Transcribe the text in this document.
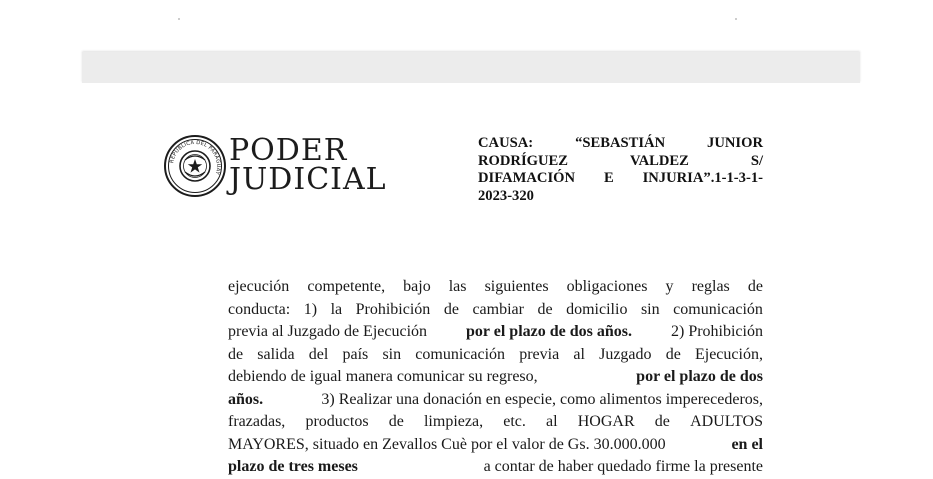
REPÚBLICA DEL PARAGUAY
PODER
JUDICIAL
CAUSA:	“SEBASTIÁN	JUNIOR
RODRÍGUEZ	VALDEZ	S/
DIFAMACIÓN E INJURIA”.1-1-3-1-
2023-320
ejecución competente, bajo las siguientes obligaciones y reglas de
conducta: 1) la Prohibición de cambiar de domicilio sin comunicación
previa al Juzgado de Ejecución por el plazo de dos años. 2) Prohibición
de salida del país sin comunicación previa al Juzgado de Ejecución,
debiendo de igual manera comunicar su regreso,	por el plazo de dos
años.	3) Realizar una donación en especie, como alimentos imperecederos,
frazadas, productos de limpieza, etc. al HOGAR de ADULTOS
MAYORES, situado en Zevallos Cuè por el valor de Gs. 30.000.000	en el
plazo de tres meses	a contar de haber quedado firme la presente
